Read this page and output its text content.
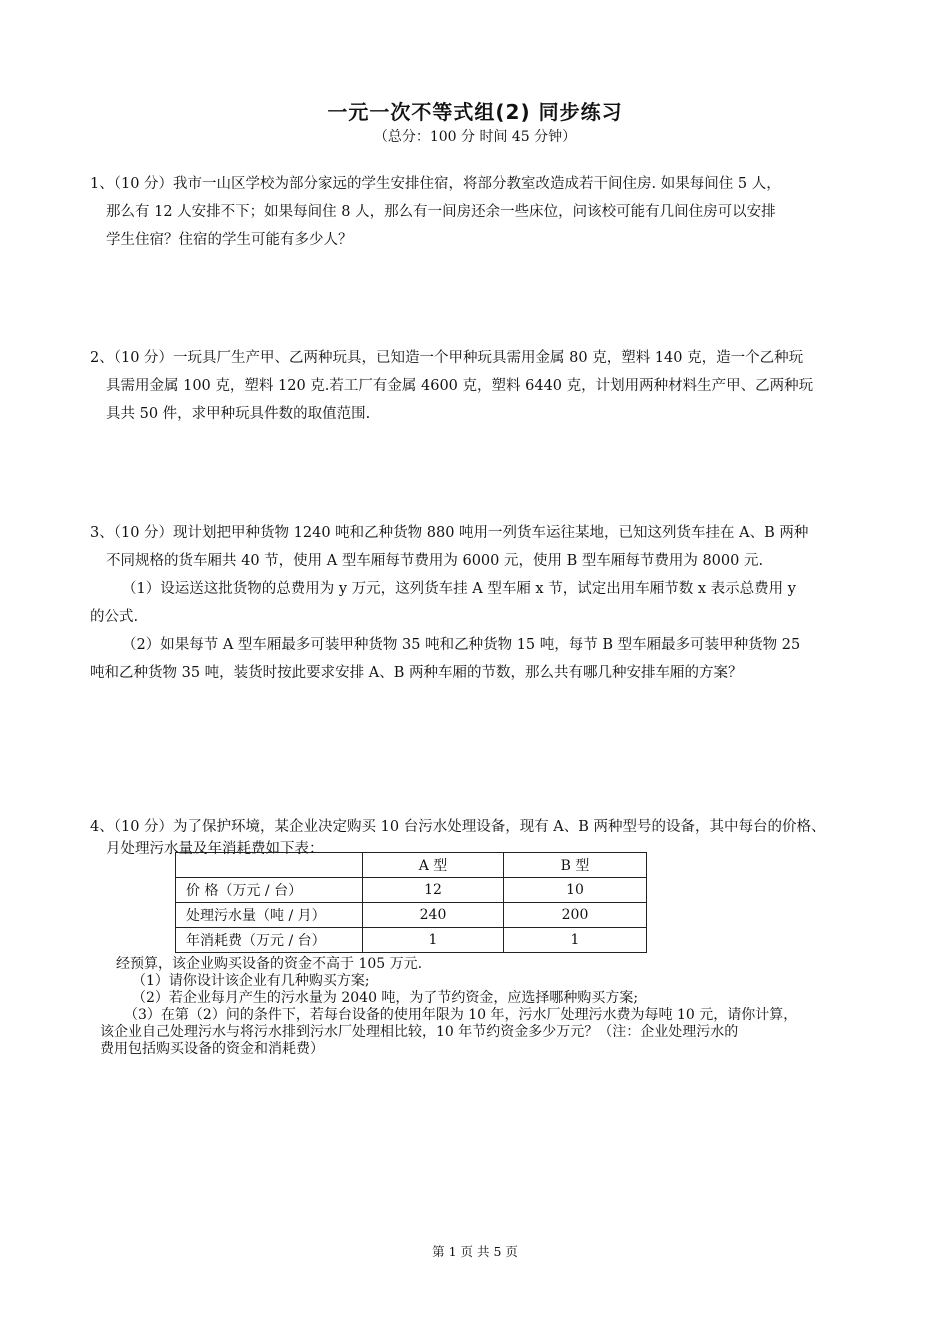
一元一次不等式组(2) 同步练习
（总分：100 分 时间 45 分钟）
1、（10 分）我市一山区学校为部分家远的学生安排住宿，将部分教室改造成若干间住房. 如果每间住 5 人，
那么有 12 人安排不下；如果每间住 8 人，那么有一间房还余一些床位，问该校可能有几间住房可以安排
学生住宿？住宿的学生可能有多少人？
2、（10 分）一玩具厂生产甲、乙两种玩具，已知造一个甲种玩具需用金属 80 克，塑料 140 克，造一个乙种玩
具需用金属 100 克，塑料 120 克.若工厂有金属 4600 克，塑料 6440 克，计划用两种材料生产甲、乙两种玩
具共 50 件，求甲种玩具件数的取值范围.
3、（10 分）现计划把甲种货物 1240 吨和乙种货物 880 吨用一列货车运往某地，已知这列货车挂在 A、B 两种
不同规格的货车厢共 40 节，使用 A 型车厢每节费用为 6000 元，使用 B 型车厢每节费用为 8000 元.
（1）设运送这批货物的总费用为 y 万元，这列货车挂 A 型车厢 x 节，试定出用车厢节数 x 表示总费用 y
的公式.
（2）如果每节 A 型车厢最多可装甲种货物 35 吨和乙种货物 15 吨，每节 B 型车厢最多可装甲种货物 25
吨和乙种货物 35 吨，装货时按此要求安排 A、B 两种车厢的节数，那么共有哪几种安排车厢的方案？
4、（10 分）为了保护环境，某企业决定购买 10 台污水处理设备，现有 A、B 两种型号的设备，其中每台的价格、
月处理污水量及年消耗费如下表：
	A 型	B 型
价 格（万元 / 台）	12	10
处理污水量（吨 / 月）	240	200
年消耗费（万元 / 台）	1	1
经预算，该企业购买设备的资金不高于 105 万元.
（1）请你设计该企业有几种购买方案;
（2）若企业每月产生的污水量为 2040 吨，为了节约资金，应选择哪种购买方案;
（3）在第（2）问的条件下，若每台设备的使用年限为 10 年，污水厂处理污水费为每吨 10 元，请你计算，
该企业自己处理污水与将污水排到污水厂处理相比较，10 年节约资金多少万元？（注：企业处理污水的
费用包括购买设备的资金和消耗费）
第 1 页 共 5 页
